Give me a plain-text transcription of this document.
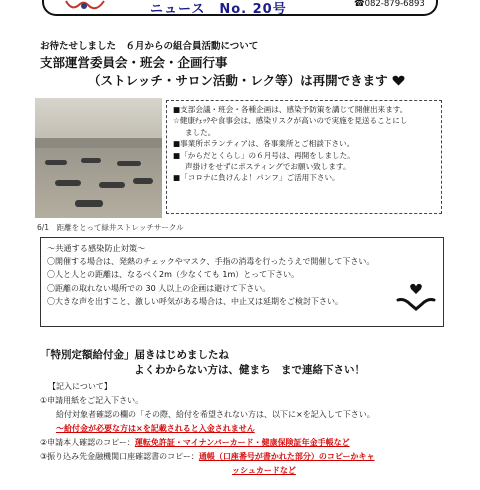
ニュース　No. 20号	☎082-879-6893
お待たせしました　６月からの組合員活動について
支部運営委員会・班会・企画行事
（ストレッチ・サロン活動・レク等）は再開できます
6/1　距離をとって緑井ストレッチサークル
■支部会議・班会・各種企画は、感染予防策を講じて開催出来ます。
☆健康ﾁｪｯｸや食事会は、感染リスクが高いので実施を見送ることにし
ました。
■事業所ボランティアは、各事業所とご相談下さい。
■「からだとくらし」の６月号は、再開をしました。
声掛けをせずにポスティングでお願い致します。
■「コロナに負けんよ！パンフ」ご活用下さい。
～共通する感染防止対策～
〇開催する場合は、発熱のチェックやマスク、手指の消毒を行ったうえで開催して下さい。
〇人と人との距離は、なるべく2m（少なくても 1m）とって下さい。
〇距離の取れない場所での 30 人以上の企画は避けて下さい。
〇大きな声を出すこと、激しい呼気がある場合は、中止又は延期をご検討下さい。
「特別定額給付金」届きはじめましたね
よくわからない方は、健まち　まで連絡下さい！
【記入について】
①申請用紙をご記入下さい。
給付対象者確認の欄の「その際、給付を希望されない方は、以下に×を記入して下さい。
～給付金が必要な方は×を記載されると入金されません
②申請本人確認のコピー：運転免許証・マイナンバーカード・健康保険証年金手帳など
③振り込み先金融機関口座確認書のコピー：通帳（口座番号が書かれた部分）のコピーかキャ
ッシュカードなど
